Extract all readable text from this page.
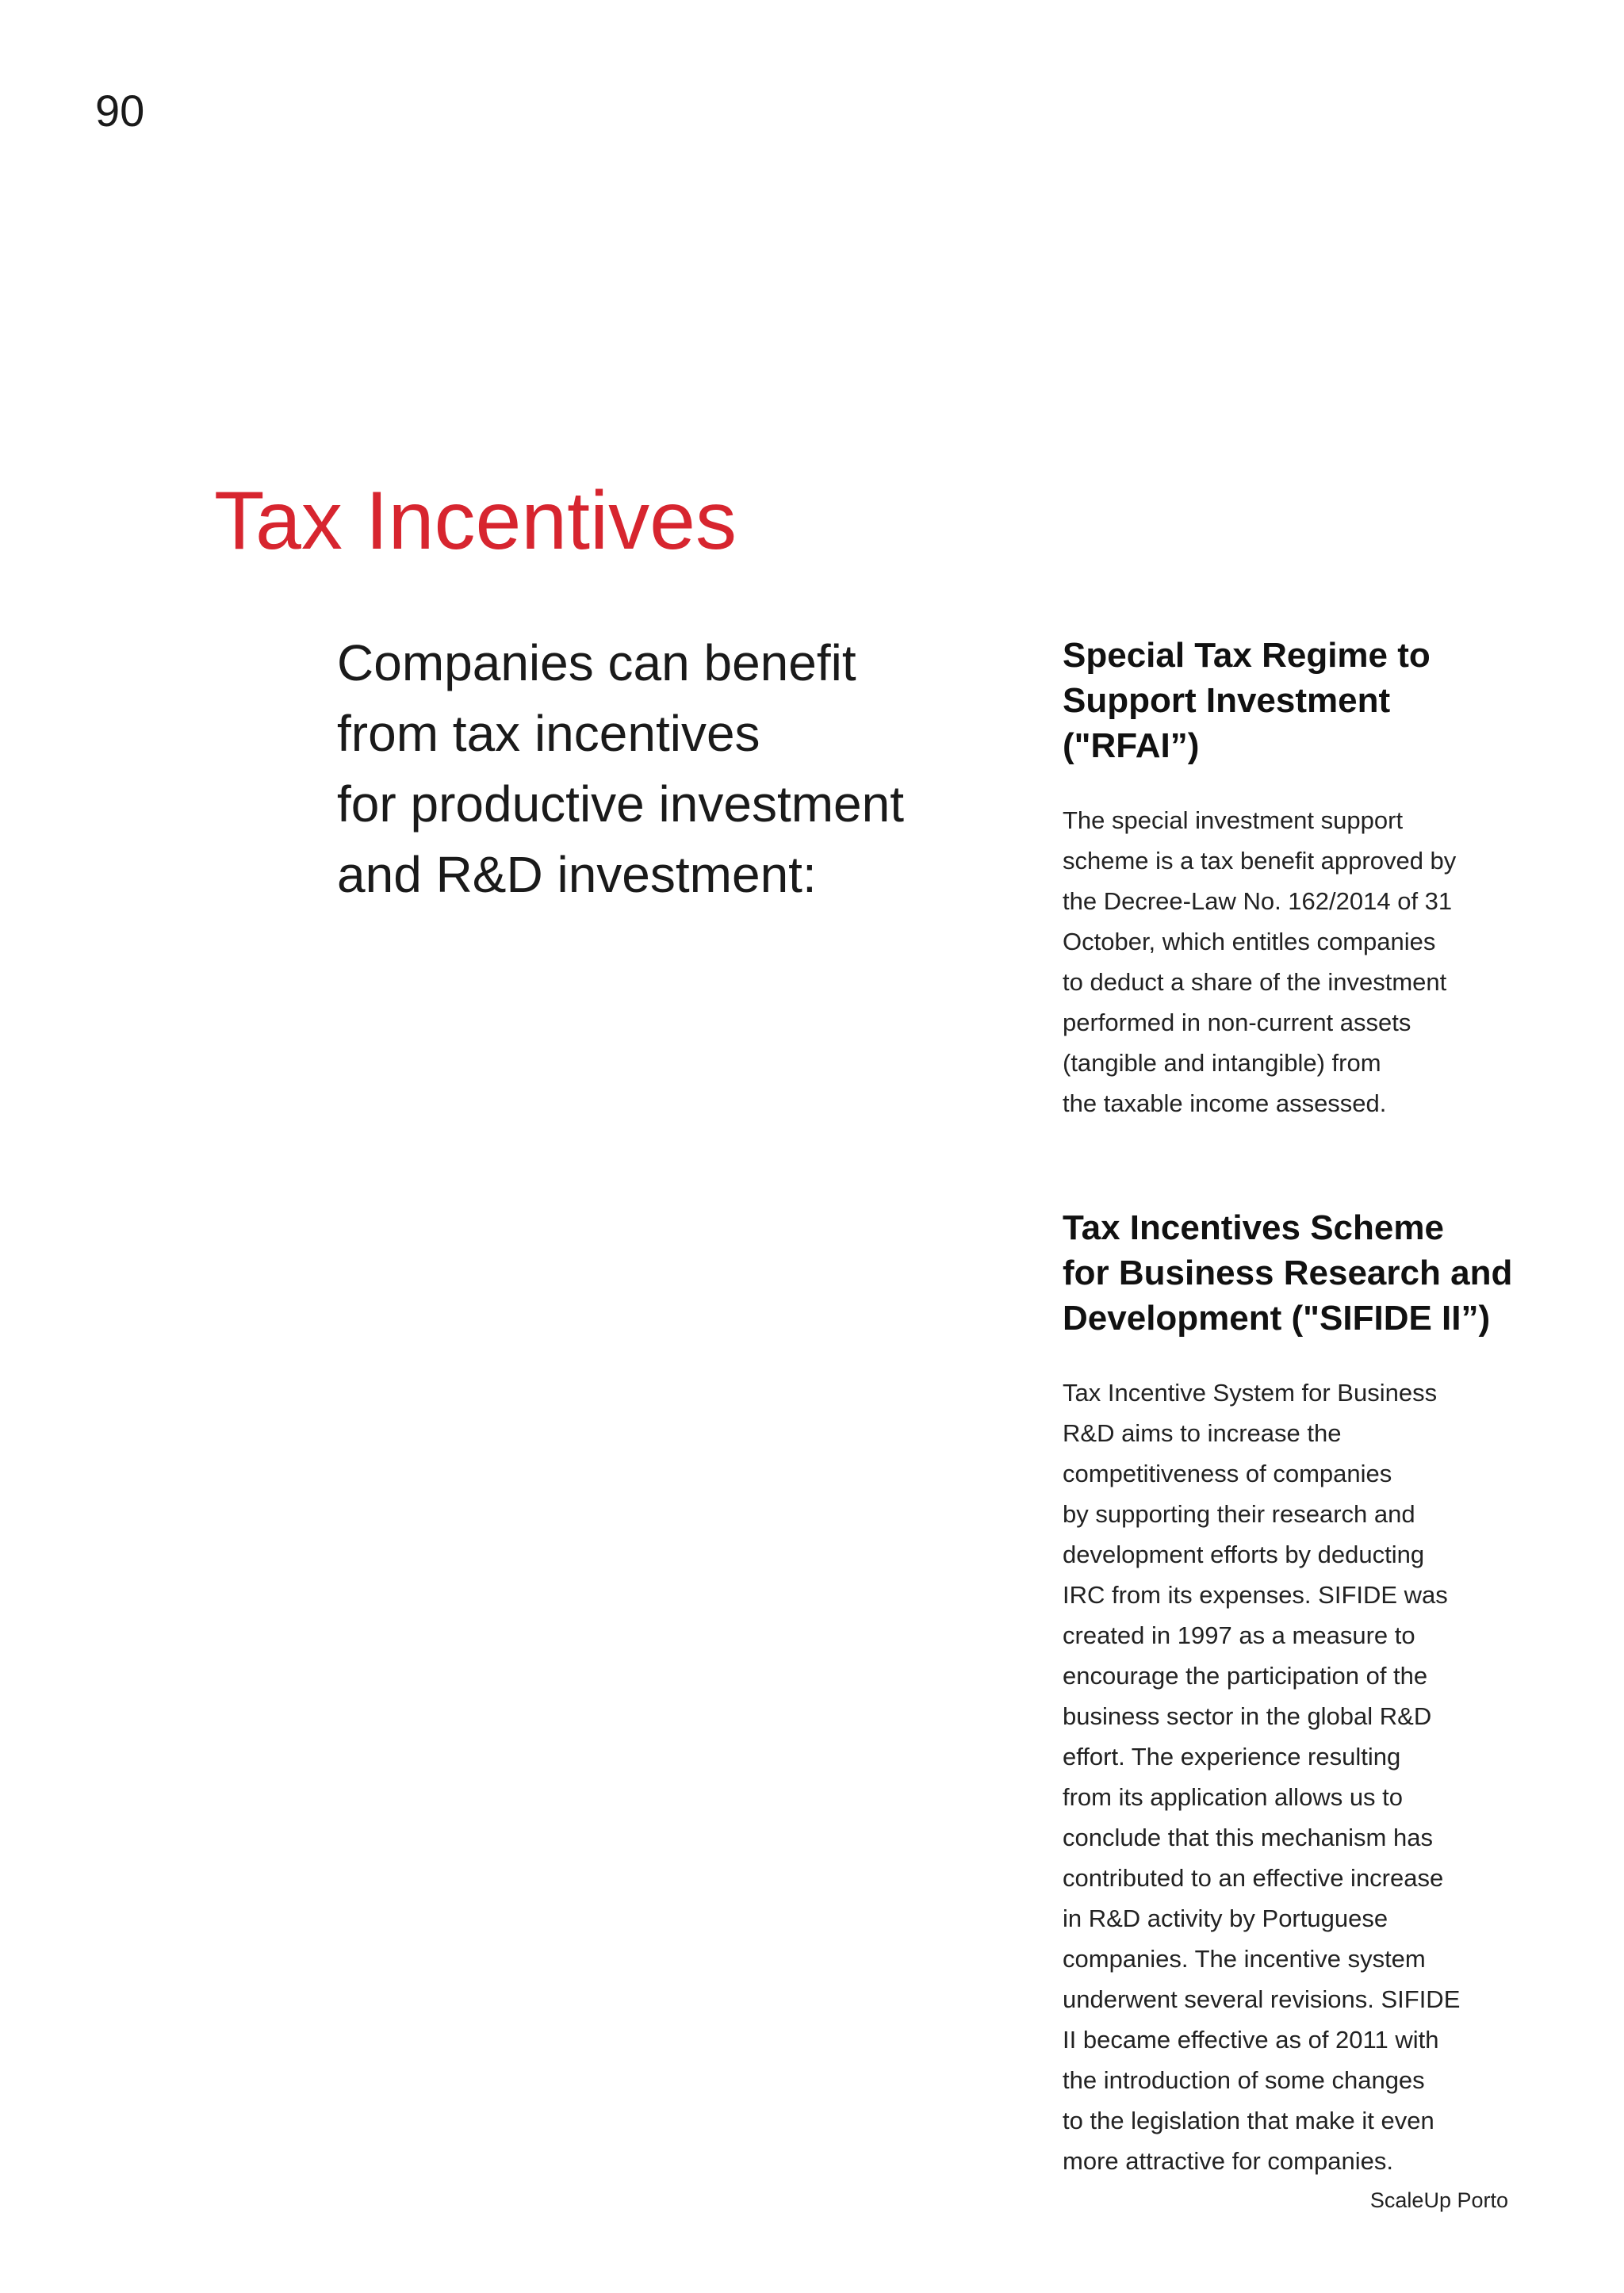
90
Tax Incentives
Companies can benefit
from tax incentives
for productive investment
and R&D investment:
Special Tax Regime to
Support Investment
("RFAI”)

The special investment support
scheme is a tax benefit approved by
the Decree-Law No. 162/2014 of 31
October, which entitles companies
to deduct a share of the investment
performed in non-current assets
(tangible and intangible) from
the taxable income assessed.

Tax Incentives Scheme
for Business Research and
Development ("SIFIDE II”)

Tax Incentive System for Business
R&D aims to increase the
competitiveness of companies
by supporting their research and
development efforts by deducting
IRC from its expenses. SIFIDE was
created in 1997 as a measure to
encourage the participation of the
business sector in the global R&D
effort. The experience resulting
from its application allows us to
conclude that this mechanism has
contributed to an effective increase
in R&D activity by Portuguese
companies. The incentive system
underwent several revisions. SIFIDE
II became effective as of 2011 with
the introduction of some changes
to the legislation that make it even
more attractive for companies.

ScaleUp Porto
